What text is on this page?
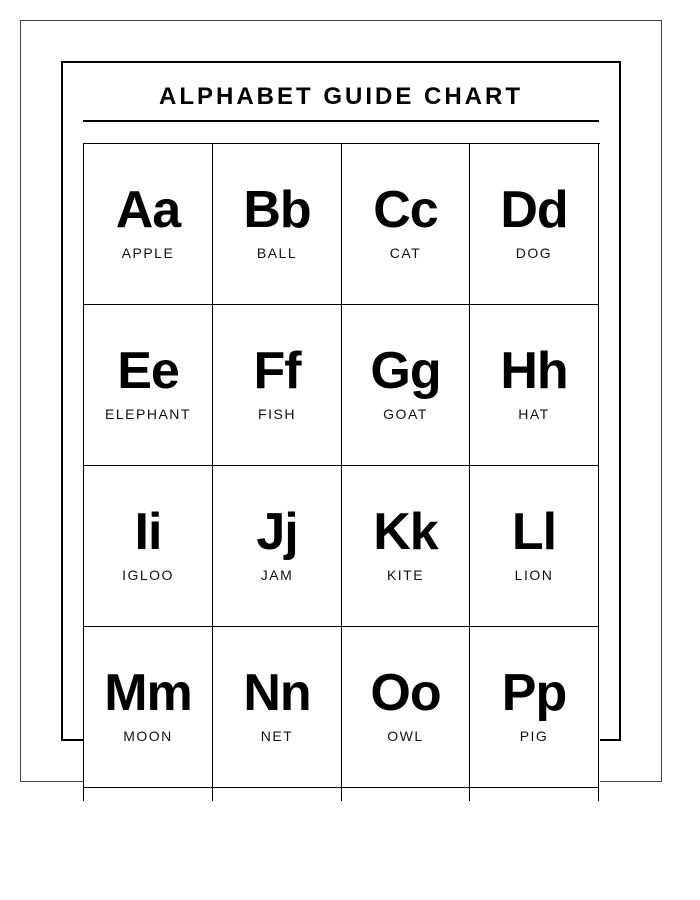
ALPHABET GUIDE CHART
Aa
APPLE
Bb
BALL
Cc
CAT
Dd
DOG
Ee
ELEPHANT
Ff
FISH
Gg
GOAT
Hh
HAT
Ii
IGLOO
Jj
JAM
Kk
KITE
Ll
LION
Mm
MOON
Nn
NET
Oo
OWL
Pp
PIG
